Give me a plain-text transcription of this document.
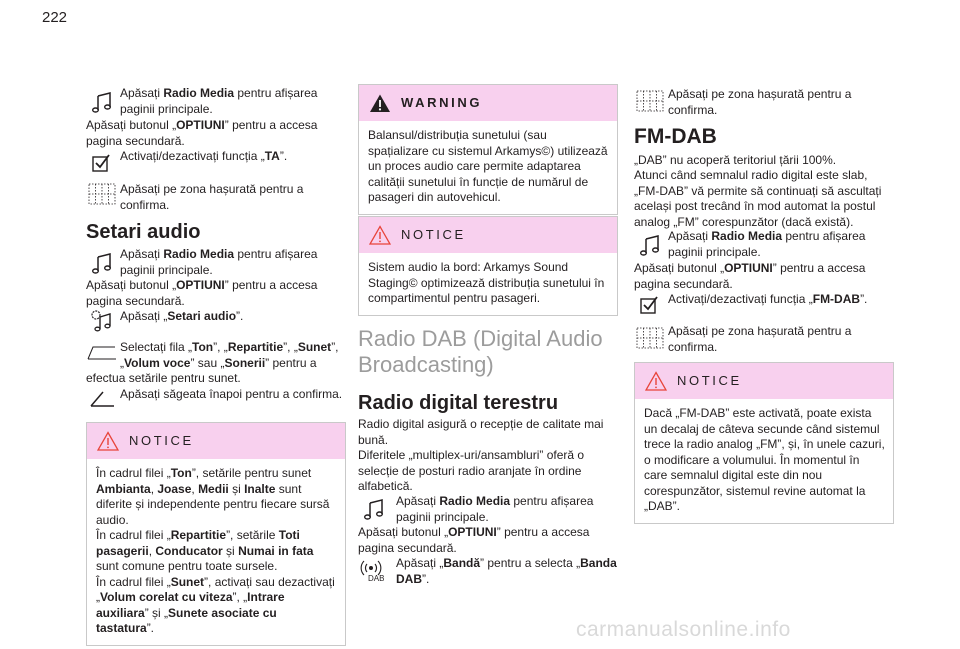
222
Apăsați Radio Media pentru afișarea paginii principale.
Apăsați butonul „OPTIUNI” pentru a accesa pagina secundară.
Activați/dezactivați funcția „TA”.
Apăsați pe zona hașurată pentru a confirma.
Setari audio
Apăsați Radio Media pentru afișarea paginii principale.
Apăsați butonul „OPTIUNI” pentru a accesa pagina secundară.
Apăsați „Setari audio”.
Selectați fila „Ton”, „Repartitie”, „Sunet”, „Volum voce” sau „Sonerii” pentru a
efectua setările pentru sunet.
Apăsați săgeata înapoi pentru a confirma.
NOTICE
În cadrul filei „Ton”, setările pentru sunet Ambianta, Joase, Medii și Inalte sunt diferite și independente pentru fiecare sursă audio.
În cadrul filei „Repartitie”, setările Toti pasagerii, Conducator și Numai in fata sunt comune pentru toate sursele.
În cadrul filei „Sunet”, activați sau dezactivați „Volum corelat cu viteza”, „Intrare auxiliara” și „Sunete asociate cu tastatura”.
WARNING
Balansul/distribuția sunetului (sau spațializare cu sistemul Arkamys©) utilizează un proces audio care permite adaptarea calității sunetului în funcție de numărul de pasageri din autovehicul.
NOTICE
Sistem audio la bord: Arkamys Sound Staging© optimizează distribuția sunetului în compartimentul pentru pasageri.
Radio DAB (Digital Audio Broadcasting)
Radio digital terestru
Radio digital asigură o recepție de calitate mai bună.
Diferitele „multiplex-uri/ansambluri” oferă o selecție de posturi radio aranjate în ordine alfabetică.
Apăsați Radio Media pentru afișarea paginii principale.
Apăsați butonul „OPTIUNI” pentru a accesa pagina secundară.
Apăsați „Bandă” pentru a selecta „Banda DAB”.
Apăsați pe zona hașurată pentru a confirma.
FM-DAB
„DAB” nu acoperă teritoriul țării 100%.
Atunci când semnalul radio digital este slab, „FM-DAB” vă permite să continuați să ascultați același post trecând în mod automat la postul analog „FM” corespunzător (dacă există).
Apăsați Radio Media pentru afișarea paginii principale.
Apăsați butonul „OPTIUNI” pentru a accesa pagina secundară.
Activați/dezactivați funcția „FM-DAB”.
Apăsați pe zona hașurată pentru a confirma.
NOTICE
Dacă „FM-DAB” este activată, poate exista un decalaj de câteva secunde când sistemul trece la radio analog „FM”, și, în unele cazuri, o modificare a volumului. În momentul în care semnalul digital este din nou corespunzător, sistemul revine automat la „DAB”.
carmanualsonline.info
